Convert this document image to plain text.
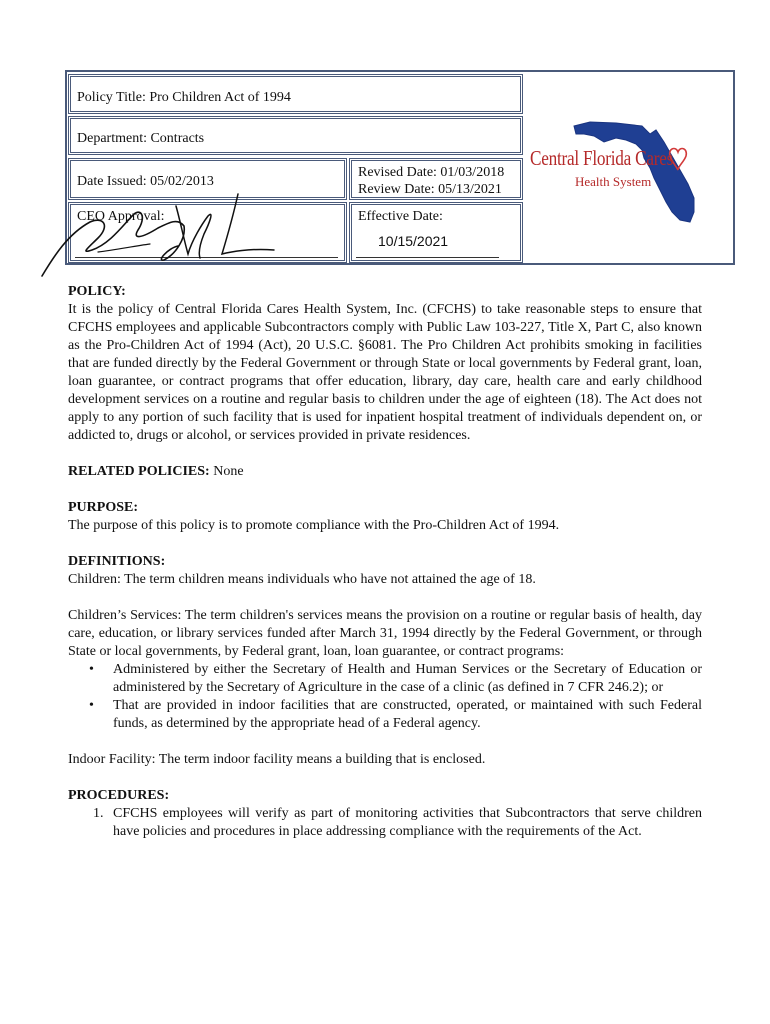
Policy Title: Pro Children Act of 1994
Department: Contracts
Date Issued: 05/02/2013
Revised Date: 01/03/2018
Review Date: 05/13/2021
CEO Approval:	Effective Date:
10/15/2021
Central Florida Cares
Health System
POLICY:

It is the policy of Central Florida Cares Health System, Inc. (CFCHS) to take reasonable steps to ensure that CFCHS employees and applicable Subcontractors comply with Public Law 103-227, Title X, Part C, also known as the Pro-Children Act of 1994 (Act), 20 U.S.C. §6081. The Pro Children Act prohibits smoking in facilities that are funded directly by the Federal Government or through State or local governments by Federal grant, loan, loan guarantee, or contract programs that offer education, library, day care, health care and early childhood development services on a routine and regular basis to children under the age of eighteen (18). The Act does not apply to any portion of such facility that is used for inpatient hospital treatment of individuals dependent on, or addicted to, drugs or alcohol, or services provided in private residences.

RELATED POLICIES: None
PURPOSE:

The purpose of this policy is to promote compliance with the Pro-Children Act of 1994.

DEFINITIONS:

Children: The term children means individuals who have not attained the age of 18.

Children’s Services: The term children's services means the provision on a routine or regular basis of health, day care, education, or library services funded after March 31, 1994 directly by the Federal Government, or through State or local governments, by Federal grant, loan, loan guarantee, or contract programs:

• Administered by either the Secretary of Health and Human Services or the Secretary of Education or administered by the Secretary of Agriculture in the case of a clinic (as defined in 7 CFR 246.2); or
• That are provided in indoor facilities that are constructed, operated, or maintained with such Federal funds, as determined by the appropriate head of a Federal agency.

Indoor Facility: The term indoor facility means a building that is enclosed.

PROCEDURES:
1. CFCHS employees will verify as part of monitoring activities that Subcontractors that serve children have policies and procedures in place addressing compliance with the requirements of the Act.
